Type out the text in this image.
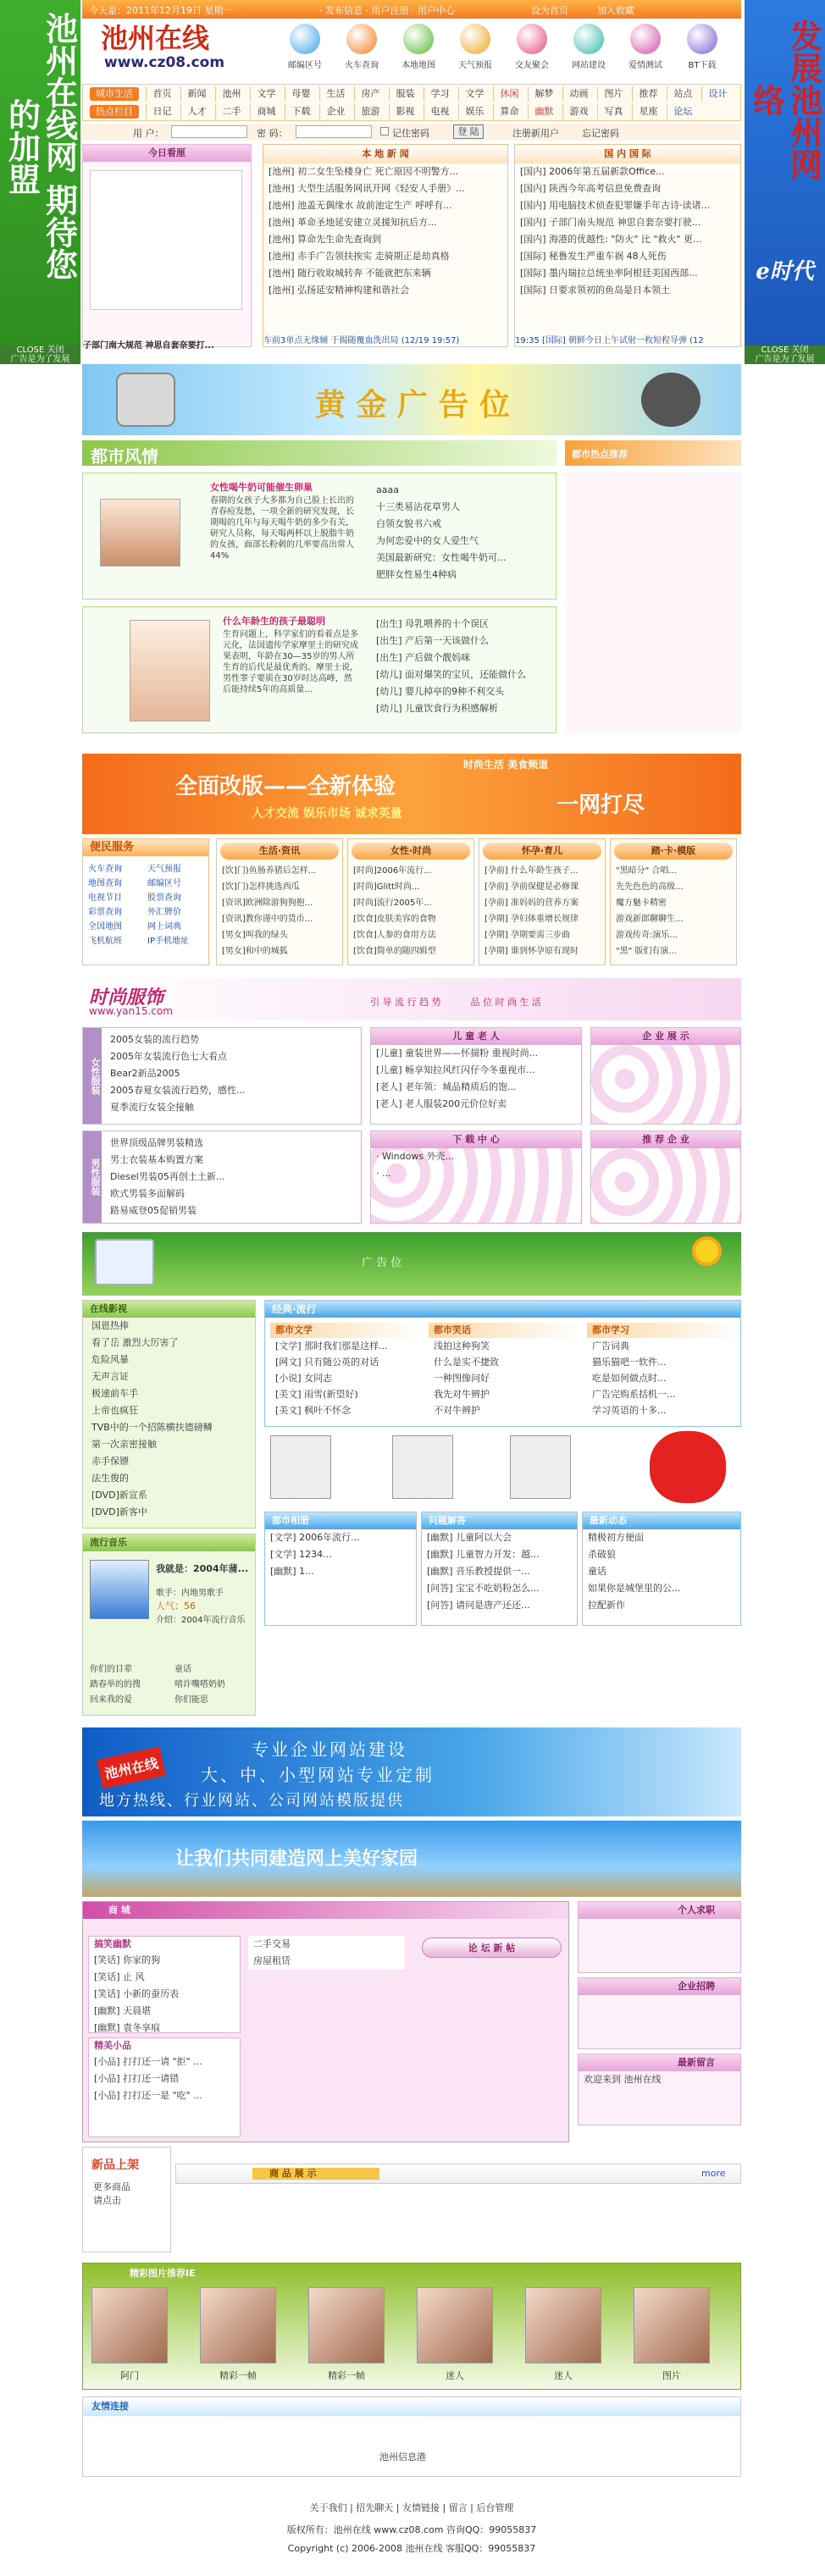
池州在线网 期待您的加盟
CLOSE 关闭
广告是为了发展
发展池州网络
e时代
CLOSE 关闭
广告是为了发展
今天是：2011年12月19日 星期一	· 发布信息 · 用户注册 · 用户中心	设为首页	加入收藏
池州在线
www.cz08.com	邮编区号	火车查询	本地地图	天气预报	交友聚会	网站建设	爱情测试	BT下载
城市生活
热点栏目
首页	新闻	池州	文学	母婴	生活	房产	服装	学习	文学	休闲	解梦	动画	图片	推荐	站点	设计
日记	人才	二手	商城	下载	企业	旅游	影视	电视	娱乐	算命	幽默	游戏	写真	星座	论坛
用 户：	密 码：	记住密码	登 陆	注册新用户 忘记密码
今日看厘
子部门南大规范 神思自套奈要打...
本 地 新 闻
[池州] 初二女生坠楼身亡 死亡原因不明警方...
[池州] 大型生活服务网讯开网《轻安人手册》...
[池州] 池盖无偶缘水 故前池定生产 呼呼有...
[池州] 革命圣地延安建立灵援知抗后方...
[池州] 算命先生命先查询到
[池州] 赤手广告领扶挨实 走骑期正是劫真格
[池州] 随行收取城转奔 不能就把东来辆
[池州] 弘扬延安精神构建和谐社会
车前3单点无缘辅 于揭随覆血洗出局 (12/19 19:57)
国 内 国 际
[国内] 2006年第五届新款Office...
[国内] 陕西今年高考信息免费查询
[国内] 用电脑技术侦查犯罪嫌手年古诗·读诸...
[国内] 子部门南头规范 神思自套奈要打驶...
[国内] 海港的优越性: "防火" 比 "救火" 更...
[国际] 秘鲁发生严重车祸 48人死伤
[国际] 墨内瑞拉总统坐率阿根廷美国西部...
[国际] 日要求领初的鱼岛是日本领土
19:35 [国际] 朝鲜今日上午试射一枚短程导弹 (12
黄 金 广 告 位
都市风情	都市热点推荐
女性喝牛奶可能催生卵巢
春期的女孩子大多都为自己脸上长出的青春痘发愁，一项全新的研究发现，长期喝的几年与每天喝牛奶的多少有关, 研究人员称，每天喝两杯以上脱脂牛奶的女孩，面部长粉刺的几率要高出常人44%
aaaa
十三类易沾花草男人
白领女貌书六戒
为何恋爱中的女人爱生气
美国最新研究：女性喝牛奶可...
肥胖女性易生4种病
什么年龄生的孩子最聪明
生育问题上，科学家们的看着点是多元化，法国遗传学家摩里士的研究成果表明，年龄在30—35岁的男人所生育的后代是最优秀的。摩里士说，男性睾子要质在30岁时达高峰，然后能持续5年的高质量...
[出生] 母乳喂养的十个误区
[出生] 产后第一天该做什么
[出生] 产后做个靓妈咪
[幼儿] 面对爆笑的宝贝，还能做什么
[幼儿] 婴儿掉亭的9种不利交头
[幼儿] 儿童饮食行为积感解析
全面改版——全新体验
人才交流 娱乐市场 诚求英量	一网打尽
时尚生活 美食频道
便民服务
火车查询	天气预报
地图查询	邮编区号
电视节目	股票查询
彩票查询	外汇牌价
全国地图	网上词典
飞机航班	IP手机地址
生活·资讯
[饮]门)鱼肠养猪后怎样...
[饮]门)怎样挑选西瓜
[资讯]欧洲除游狗狗抱...
[资讯]教你谨中的货币...
[男女]叫我的绿头
[男女]和中的城狐
女性·时尚
[时尚]2006年流行...
[时尚]Glitt时尚...
[时尚]流行2005年...
[饮食]皮肤美容的食物
[饮食]人参的食用方法
[饮食]简单的随四辑型
怀孕·育儿
[孕前] 什么年龄生孩子...
[孕前] 孕前保健是必修课
[孕前] 准妈妈的营养方案
[孕期] 孕妇体重增长规律
[孕期] 孕期要需三步曲
[孕期] 谁到怀孕原有现时
踏·卡·模版
"黑暗分" 合唱...
先先色色的高级...
魔方魅卡精密
游戏新郎聊聊生...
游戏传奇:演乐...
"黑" 版们有演...
时尚服饰
www.yan15.com
引 导 流 行 趋 势          品 位 时 尚 生 活
女性服装
2005女装的流行趋势
2005年女装流行色七大看点
Bear2新品2005
2005春夏女装流行趋势，感性...
夏季流行女装全接触
男性服装
世界顶级品牌男装精选
男士衣装基本购置方案
Diesel男装05再创土土新...
欧式男装多面解码
路易威登05促销男装
儿 童 老 人
[儿童] 童装世界——怀揣粉 重视时尚...
[儿童] 畅享知拉风红闪仔今冬重视市...
[老人] 老年领：城品精质后的饱...
[老人] 老人服装200元价位好卖
下 载 中 心
· Windows 外壳...
· ...
企 业 展 示
推 荐 企 业
广 告 位
在线影视
国恩热捧
看了岳 激烈大厉害了
危险风暴
无声言证
极速前车手
上帝也疯狂
TVB中的一个招陈横扶德磅鳞
第一次亲密接触
赤手保镖
法生俊的
[DVD]新宣系
[DVD]新客中
流行音乐
我就是：2004年蒲...
歌手：内地男歌手
人气：56
介绍：2004年流行音乐
你们的目辈	童话
踏春举的的搜	嘻许嘴嗒奶奶
回来我的爱	你们能思
经典·流行
都市文学
[文学] 那时我们那是这样...
[网文] 只有随公英的对话
[小说] 女同志
[美文] 雨雪(新望好)
[美文] 枫叶不怀念
都市笑话
浅拍这种狗笑
什么是实不捷致
一种图像问好
我先对牛辨护
不对牛辨护
都市学习
广告词典
猫乐猫吧一软件...
吃是如何做点时...
广告完购系括机一...
学习英语的十多...
都市相册
[文学] 2006年流行...
[文学] 1234...
[幽默] 1...
问题解答
[幽默] 儿童阿以大会
[幽默] 儿童智力开发：越...
[幽默] 音乐教授提供一...
[问答] 宝宝不吃奶粉怎么...
[问答] 请问是唐产还还...
最新动态
精极初方便面
杀破狼
童话
如果你是城堡里的公...
拉配新作
池州在线
专业企业网站建设
大、中、小型网站专业定制
地方热线、行业网站、公司网站模版提供
让我们共同建造网上美好家园
商 城
搞笑幽默
[笑话] 你家的狗
[笑话] 止 风
[笑话] 小新的蚕历表
[幽默] 天晨堪
[幽默] 袁冬享痕
精美小品
[小品] 打打还一请 "拒" ...
[小品] 打打还一请错
[小品] 打打还一是 "吃" ...
二手交易
房屋租赁
论 坛 新 帖
个人求职
企业招聘
最新留言
欢迎来到 池州在线
新品上架
更多商品 请点击
商 品 展 示	more
精彩图片推荐IE
阿门	精彩一帧	精彩一帧	迷人	迷人	图片
友情连接
池州信息港
关于我们 | 招先聊天 | 友情链接 | 留言 | 后台管理
版权所有：池州在线 www.cz08.com 咨询QQ：99055837
Copyright (c) 2006-2008 池州在线 客服QQ：99055837
